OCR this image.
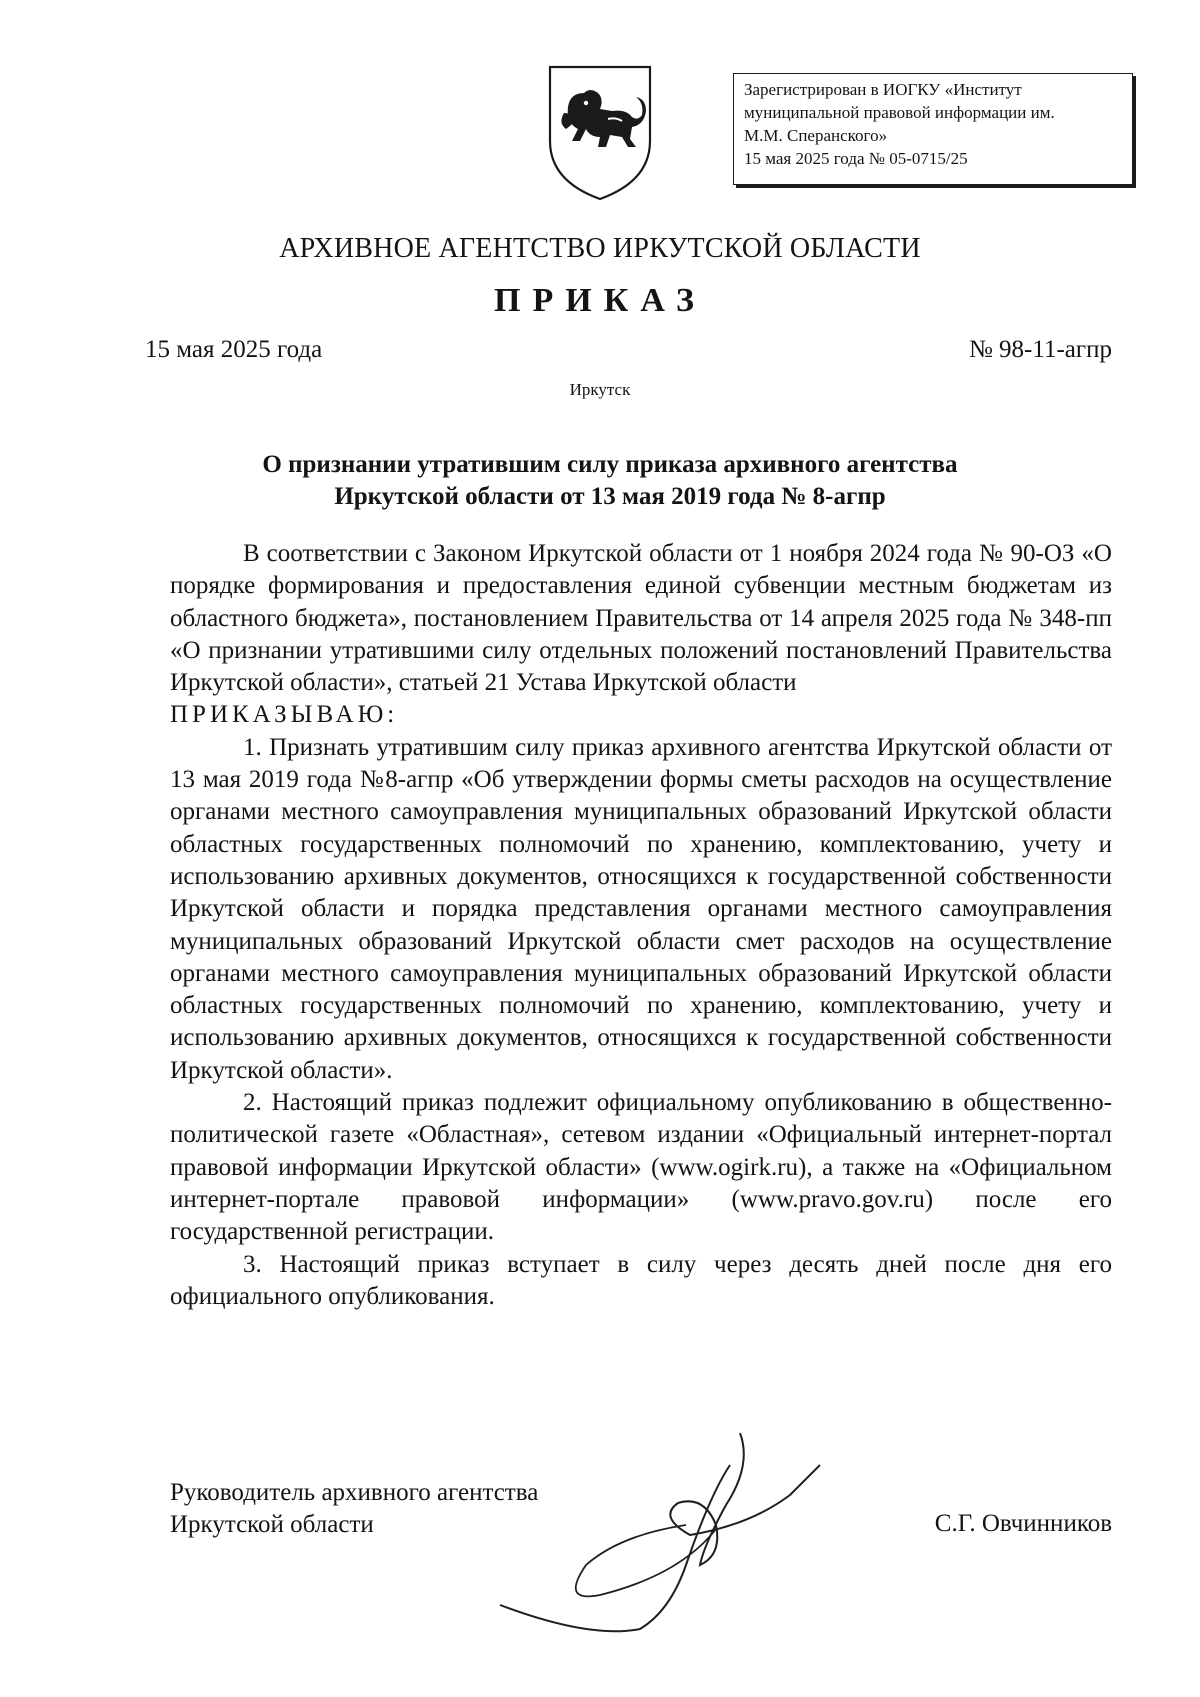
Зарегистрирован в ИОГКУ «Институт
муниципальной правовой информации им.
М.М. Сперанского»
15 мая 2025 года № 05-0715/25
АРХИВНОЕ АГЕНТСТВО ИРКУТСКОЙ ОБЛАСТИ
ПРИКАЗ
15 мая 2025 года	№ 98-11-агпр
Иркутск
О признании утратившим силу приказа архивного агентства
Иркутской области от 13 мая 2019 года № 8-агпр

В соответствии с Законом Иркутской области от 1 ноября 2024 года № 90-ОЗ «О порядке формирования и предоставления единой субвенции местным бюджетам из областного бюджета», постановлением Правительства от 14 апреля 2025 года № 348-пп «О признании утратившими силу отдельных положений постановлений Правительства Иркутской области», статьей 21 Устава Иркутской области

ПРИКАЗЫВАЮ:

1. Признать утратившим силу приказ архивного агентства Иркутской области от 13 мая 2019 года №8-агпр «Об утверждении формы сметы расходов на осуществление органами местного самоуправления муниципальных образований Иркутской области областных государственных полномочий по хранению, комплектованию, учету и использованию архивных документов, относящихся к государственной собственности Иркутской области и порядка представления органами местного самоуправления муниципальных образований Иркутской области смет расходов на осуществление органами местного самоуправления муниципальных образований Иркутской области областных государственных полномочий по хранению, комплектованию, учету и использованию архивных документов, относящихся к государственной собственности Иркутской области».

2. Настоящий приказ подлежит официальному опубликованию в общественно-политической газете «Областная», сетевом издании «Официальный интернет-портал правовой информации Иркутской области» (www.ogirk.ru), а также на «Официальном интернет-портале правовой информации» (www.pravo.gov.ru) после его государственной регистрации.

3. Настоящий приказ вступает в силу через десять дней после дня его официального опубликования.

Руководитель архивного агентства
Иркутской области	С.Г. Овчинников
